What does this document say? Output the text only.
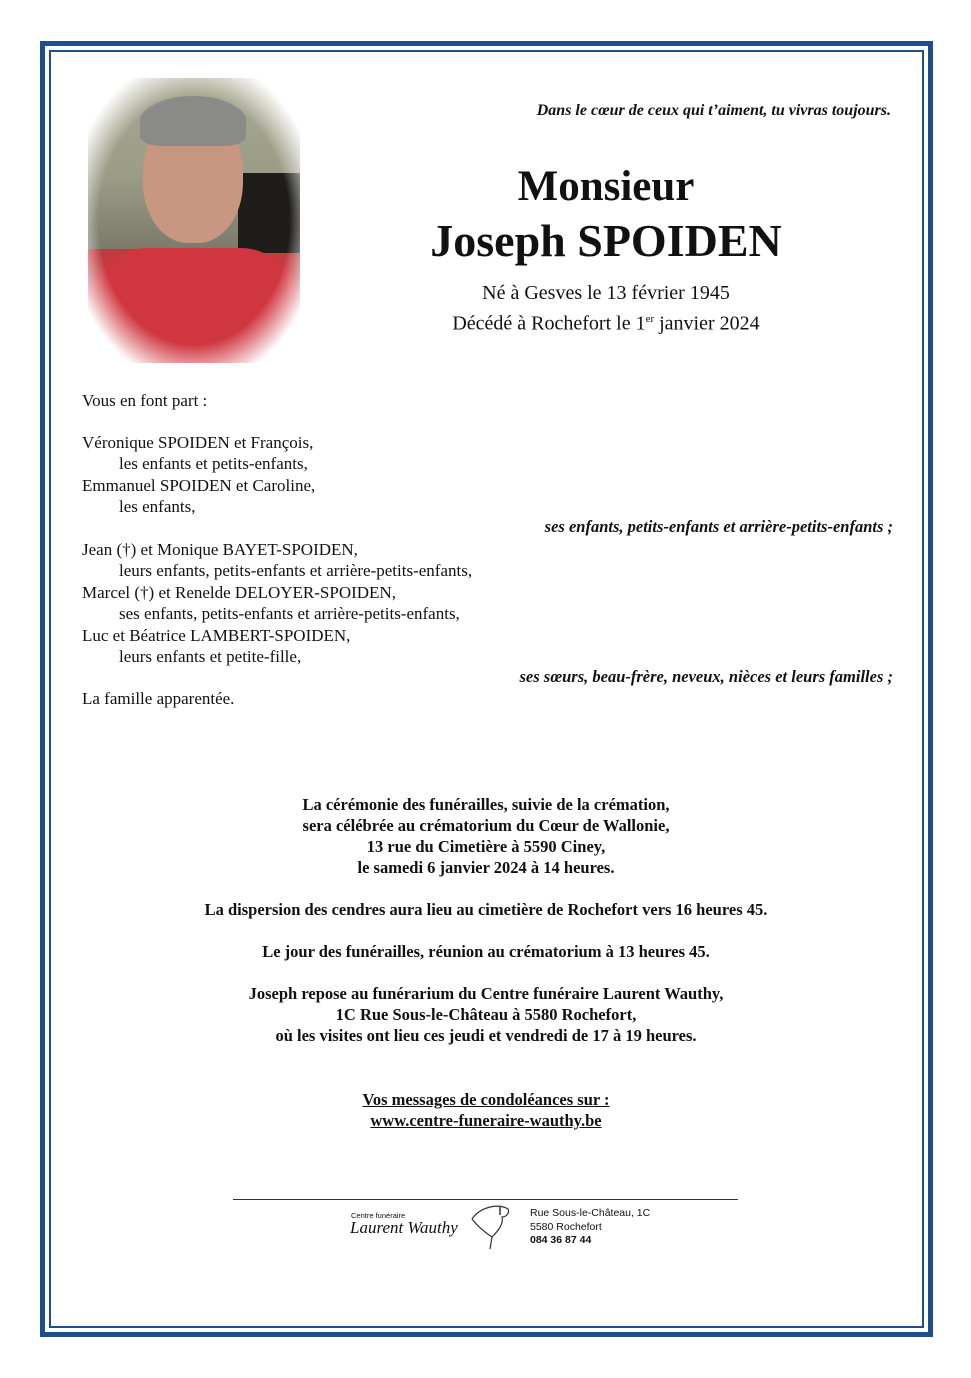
Dans le cœur de ceux qui t’aiment, tu vivras toujours.
Monsieur
Joseph SPOIDEN
Né à Gesves le 13 février 1945
Décédé à Rochefort le 1er janvier 2024
Vous en font part :
Véronique SPOIDEN et François,
les enfants et petits-enfants,
Emmanuel SPOIDEN et Caroline,
les enfants,
ses enfants, petits-enfants et arrière-petits-enfants ;
Jean (†) et Monique BAYET-SPOIDEN,
leurs enfants, petits-enfants et arrière-petits-enfants,
Marcel (†) et Renelde DELOYER-SPOIDEN,
ses enfants, petits-enfants et arrière-petits-enfants,
Luc et Béatrice LAMBERT-SPOIDEN,
leurs enfants et petite-fille,
ses sœurs, beau-frère, neveux, nièces et leurs familles ;
La famille apparentée.
La cérémonie des funérailles, suivie de la crémation,
sera célébrée au crématorium du Cœur de Wallonie,
13 rue du Cimetière à 5590 Ciney,
le samedi 6 janvier 2024 à 14 heures.
La dispersion des cendres aura lieu au cimetière de Rochefort vers 16 heures 45.
Le jour des funérailles, réunion au crématorium à 13 heures 45.
Joseph repose au funérarium du Centre funéraire Laurent Wauthy,
1C Rue Sous-le-Château à 5580 Rochefort,
où les visites ont lieu ces jeudi et vendredi de 17 à 19 heures.
Vos messages de condoléances sur :
www.centre-funeraire-wauthy.be
Centre funéraire
Laurent Wauthy
Rue Sous-le-Château, 1C
5580 Rochefort
084 36 87 44
